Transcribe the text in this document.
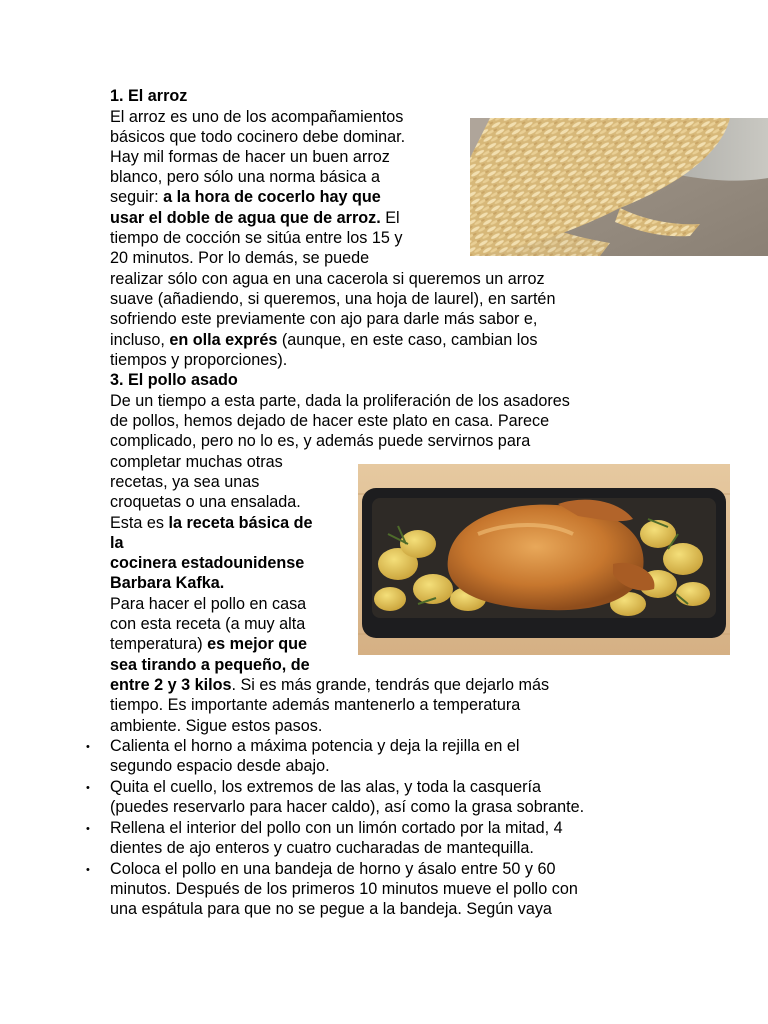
1. El arroz
El arroz es uno de los acompañamientos
básicos que todo cocinero debe dominar.
Hay mil formas de hacer un buen arroz
blanco, pero sólo una norma básica a
seguir: a la hora de cocerlo hay que
usar el doble de agua que de arroz. El
tiempo de cocción se sitúa entre los 15 y
20 minutos. Por lo demás, se puede
realizar sólo con agua en una cacerola si queremos un arroz
suave (añadiendo, si queremos, una hoja de laurel), en sartén
sofriendo este previamente con ajo para darle más sabor e,
incluso, en olla exprés (aunque, en este caso, cambian los
tiempos y proporciones).
3. El pollo asado
De un tiempo a esta parte, dada la proliferación de los asadores
de pollos, hemos dejado de hacer este plato en casa. Parece
complicado, pero no lo es, y además puede servirnos para
completar muchas otras
recetas, ya sea unas
croquetas o una ensalada.
Esta es la receta básica de
la
cocinera estadounidense
Barbara Kafka.
Para hacer el pollo en casa
con esta receta (a muy alta
temperatura) es mejor que
sea tirando a pequeño, de
entre 2 y 3 kilos. Si es más grande, tendrás que dejarlo más
tiempo. Es importante además mantenerlo a temperatura
ambiente. Sigue estos pasos.
• Calienta el horno a máxima potencia y deja la rejilla en el
segundo espacio desde abajo.
• Quita el cuello, los extremos de las alas, y toda la casquería
(puedes reservarlo para hacer caldo), así como la grasa sobrante.
• Rellena el interior del pollo con un limón cortado por la mitad, 4
dientes de ajo enteros y cuatro cucharadas de mantequilla.
• Coloca el pollo en una bandeja de horno y ásalo entre 50 y 60
minutos. Después de los primeros 10 minutos mueve el pollo con
una espátula para que no se pegue a la bandeja. Según vaya
